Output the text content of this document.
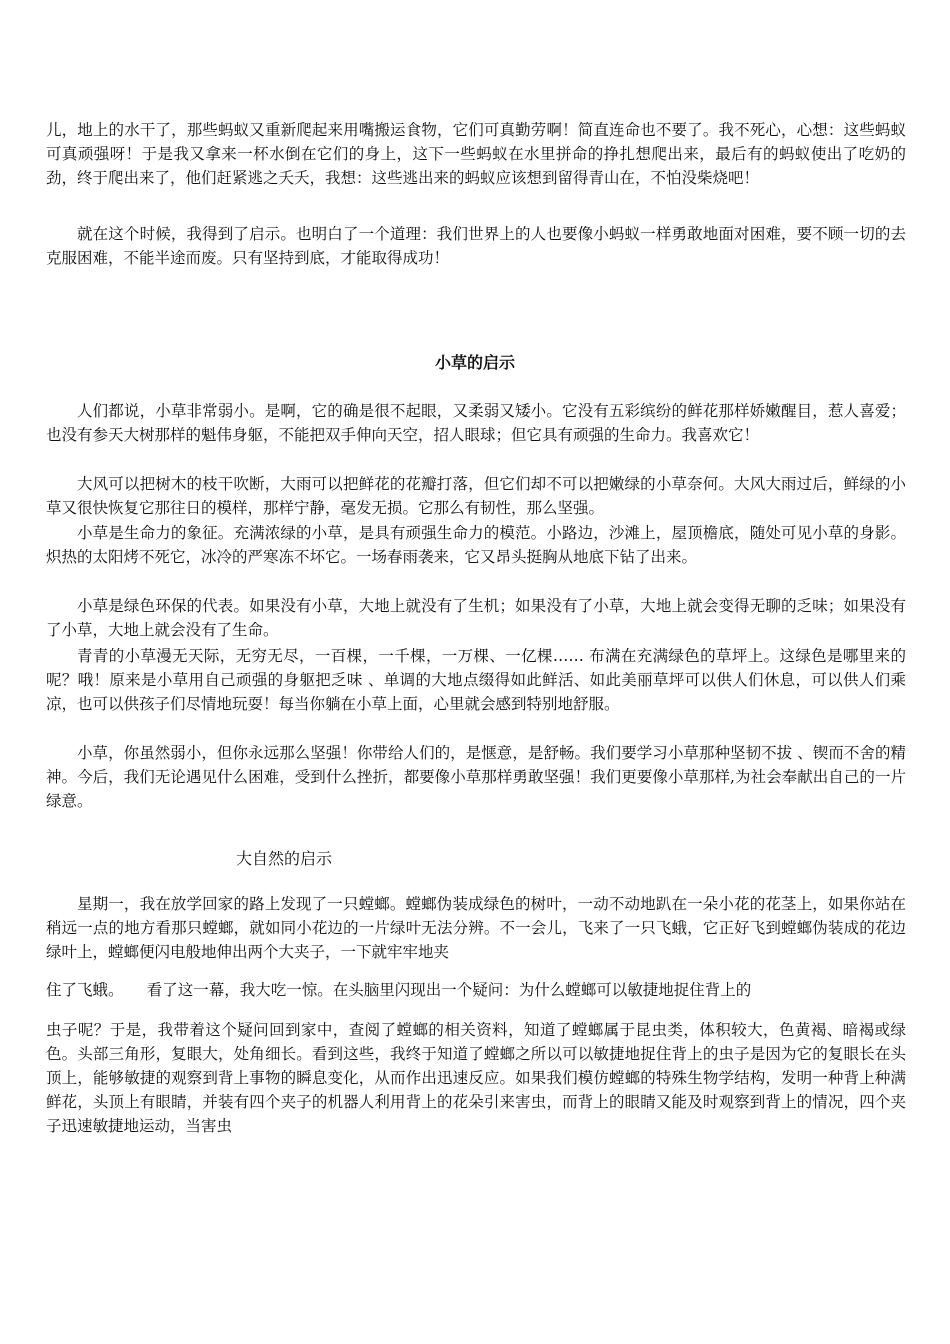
儿，地上的水干了，那些蚂蚁又重新爬起来用嘴搬运食物，它们可真勤劳啊！简直连命也不要了。我不死心，心想：这些蚂蚁可真顽强呀！于是我又拿来一杯水倒在它们的身上，这下一些蚂蚁在水里拼命的挣扎想爬出来，最后有的蚂蚁使出了吃奶的劲，终于爬出来了，他们赶紧逃之夭夭，我想：这些逃出来的蚂蚁应该想到留得青山在，不怕没柴烧吧！

就在这个时候，我得到了启示。也明白了一个道理：我们世界上的人也要像小蚂蚁一样勇敢地面对困难，要不顾一切的去克服困难，不能半途而废。只有坚持到底，才能取得成功！

小草的启示

人们都说，小草非常弱小。是啊，它的确是很不起眼，又柔弱又矮小。它没有五彩缤纷的鲜花那样娇嫩醒目，惹人喜爱；也没有参天大树那样的魁伟身躯，不能把双手伸向天空，招人眼球；但它具有顽强的生命力。我喜欢它！

大风可以把树木的枝干吹断，大雨可以把鲜花的花瓣打落，但它们却不可以把嫩绿的小草奈何。大风大雨过后，鲜绿的小草又很快恢复它那往日的模样，那样宁静，毫发无损。它那么有韧性，那么坚强。

小草是生命力的象征。充满浓绿的小草，是具有顽强生命力的模范。小路边，沙滩上，屋顶檐底，随处可见小草的身影。炽热的太阳烤不死它，冰冷的严寒冻不坏它。一场春雨袭来，它又昂头挺胸从地底下钻了出来。

小草是绿色环保的代表。如果没有小草，大地上就没有了生机；如果没有了小草，大地上就会变得无聊的乏味；如果没有了小草，大地上就会没有了生命。

青青的小草漫无天际，无穷无尽，一百棵，一千棵，一万棵、一亿棵…… 布满在充满绿色的草坪上。这绿色是哪里来的呢？哦！原来是小草用自己顽强的身躯把乏味 、单调的大地点缀得如此鲜活、如此美丽草坪可以供人们休息，可以供人们乘凉，也可以供孩子们尽情地玩耍！每当你躺在小草上面，心里就会感到特别地舒服。

小草，你虽然弱小，但你永远那么坚强！你带给人们的，是惬意，是舒畅。我们要学习小草那种坚韧不拔 、锲而不舍的精神。今后，我们无论遇见什么困难，受到什么挫折，都要像小草那样勇敢坚强！我们更要像小草那样,为社会奉献出自己的一片绿意。

大自然的启示

星期一，我在放学回家的路上发现了一只螳螂。螳螂伪装成绿色的树叶，一动不动地趴在一朵小花的花茎上，如果你站在稍远一点的地方看那只螳螂，就如同小花边的一片绿叶无法分辨。不一会儿，飞来了一只飞蛾，它正好飞到螳螂伪装成的花边绿叶上，螳螂便闪电般地伸出两个大夹子，一下就牢牢地夹

住了飞蛾。　　看了这一幕，我大吃一惊。在头脑里闪现出一个疑问：为什么螳螂可以敏捷地捉住背上的

虫子呢？于是，我带着这个疑问回到家中，查阅了螳螂的相关资料，知道了螳螂属于昆虫类，体积较大，色黄褐、暗褐或绿色。头部三角形，复眼大，处角细长。看到这些，我终于知道了螳螂之所以可以敏捷地捉住背上的虫子是因为它的复眼长在头顶上，能够敏捷的观察到背上事物的瞬息变化，从而作出迅速反应。如果我们模仿螳螂的特殊生物学结构，发明一种背上种满鲜花，头顶上有眼睛，并装有四个夹子的机器人利用背上的花朵引来害虫，而背上的眼睛又能及时观察到背上的情况，四个夹子迅速敏捷地运动，当害虫
